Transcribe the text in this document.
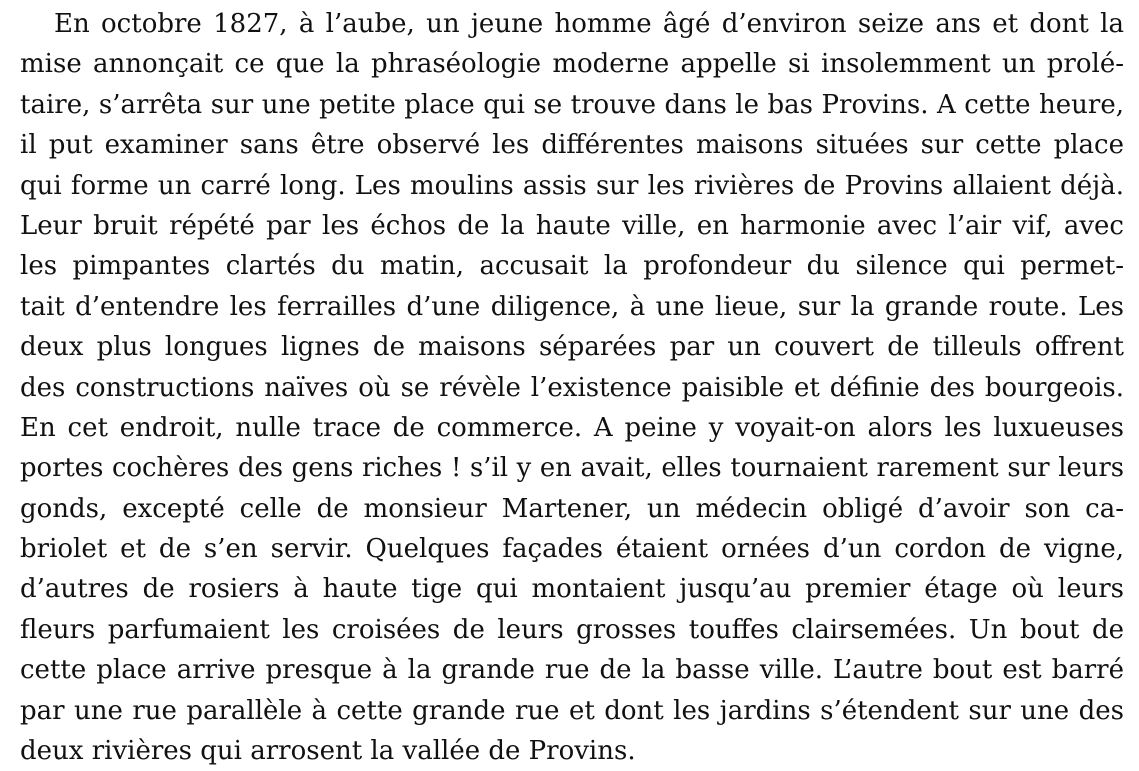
En octobre 1827, à l’aube, un jeune homme âgé d’environ seize ans et dont la
mise annonçait ce que la phraséologie moderne appelle si insolemment un prolé-
taire, s’arrêta sur une petite place qui se trouve dans le bas Provins. A cette heure,
il put examiner sans être observé les différentes maisons situées sur cette place
qui forme un carré long. Les moulins assis sur les rivières de Provins allaient déjà.
Leur bruit répété par les échos de la haute ville, en harmonie avec l’air vif, avec
les pimpantes clartés du matin, accusait la profondeur du silence qui permet-
tait d’entendre les ferrailles d’une diligence, à une lieue, sur la grande route. Les
deux plus longues lignes de maisons séparées par un couvert de tilleuls offrent
des constructions naïves où se révèle l’existence paisible et définie des bourgeois.
En cet endroit, nulle trace de commerce. A peine y voyait-on alors les luxueuses
portes cochères des gens riches ! s’il y en avait, elles tournaient rarement sur leurs
gonds, excepté celle de monsieur Martener, un médecin obligé d’avoir son ca-
briolet et de s’en servir. Quelques façades étaient ornées d’un cordon de vigne,
d’autres de rosiers à haute tige qui montaient jusqu’au premier étage où leurs
fleurs parfumaient les croisées de leurs grosses touffes clairsemées. Un bout de
cette place arrive presque à la grande rue de la basse ville. L’autre bout est barré
par une rue parallèle à cette grande rue et dont les jardins s’étendent sur une des
deux rivières qui arrosent la vallée de Provins.
